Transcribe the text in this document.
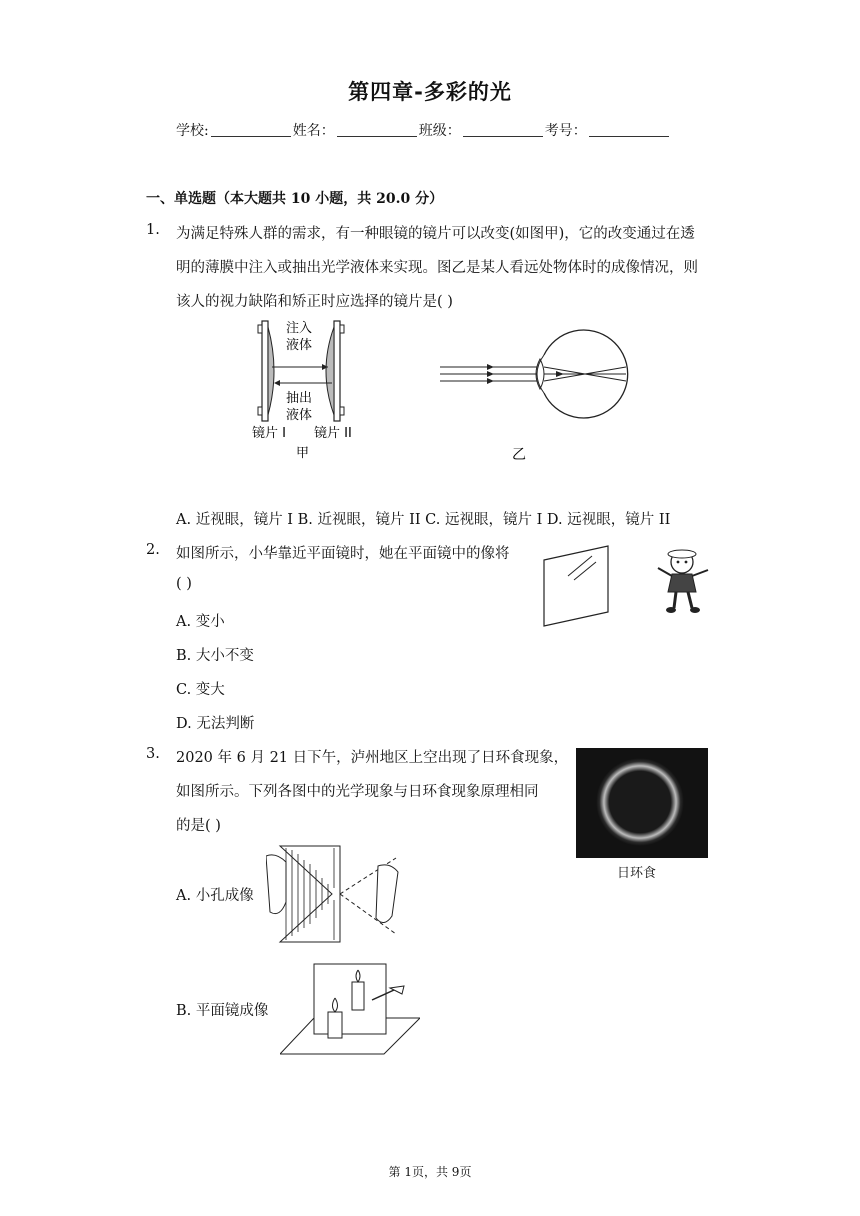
第四章-多彩的光
学校:	姓名：	班级：	考号：
一、单选题（本大题共 10 小题，共 20.0 分）
1. 为满足特殊人群的需求，有一种眼镜的镜片可以改变(如图甲)，它的改变通过在透
明的薄膜中注入或抽出光学液体来实现。图乙是某人看远处物体时的成像情况，则
该人的视力缺陷和矫正时应选择的镜片是( )
注入
液体
抽出
液体
镜片 I 镜片 II
甲	乙
A. 近视眼，镜片 I B. 近视眼，镜片 II C. 远视眼，镜片 I D. 远视眼，镜片 II
2. 如图所示，小华靠近平面镜时，她在平面镜中的像将
( )
A. 变小
B. 大小不变
C. 变大
D. 无法判断
3. 2020 年 6 月 21 日下午，泸州地区上空出现了日环食现象，
如图所示。下列各图中的光学现象与日环食现象原理相同
的是( )
日环食
A. 小孔成像
B. 平面镜成像
第 1页，共 9页
